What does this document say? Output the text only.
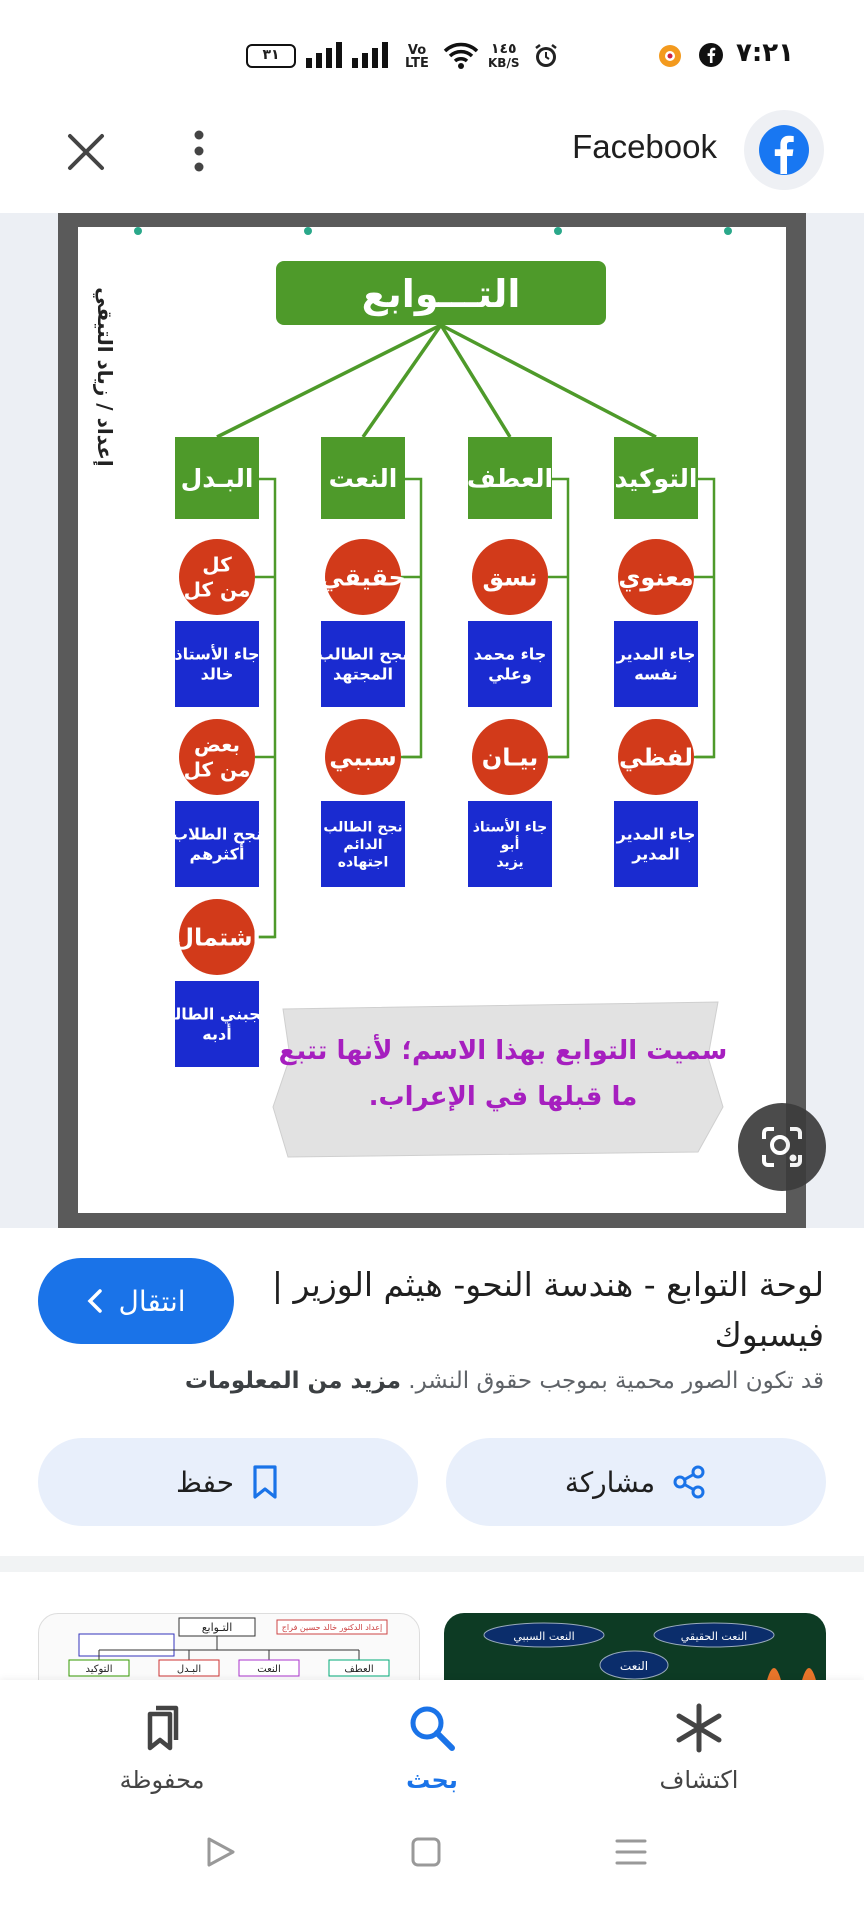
٧:٢١
١٤٥
KB/S
Vo LTE
٣١
Facebook
إعداد / زياد التيقي	التـــوابع
التوكيد
معنوي
جاء المدير نفسه
لفظي
جاء المدير المدير
العطف
نسق
جاء محمد وعلي
بيـان
جاء الأستاذ أبو يزيد
النعت
حقيقي
نجح الطالب المجتهد
سببي
نجح الطالب الدائم اجتهاده
البـدل
كل من كل
جاء الأستاذ خالد
بعض من كل
نجح الطلاب أكثرهم
اشتمال
يعجبني الطالب أدبه
سميت التوابع بهذا الاسم؛ لأنها تتبع
ما قبلها في الإعراب.
لوحة التوابع - هندسة النحو- هيثم الوزير | فيسبوك
انتقال
قد تكون الصور محمية بموجب حقوق النشر. مزيد من المعلومات
مشاركة
حفظ
النعت الحقيقي
النعت السببي
النعت
التـوابع	إعداد الدكتور خالد حسين فراج
العطف
النعت
البـدل
التوكيد
اكتشاف
بحث
محفوظة
